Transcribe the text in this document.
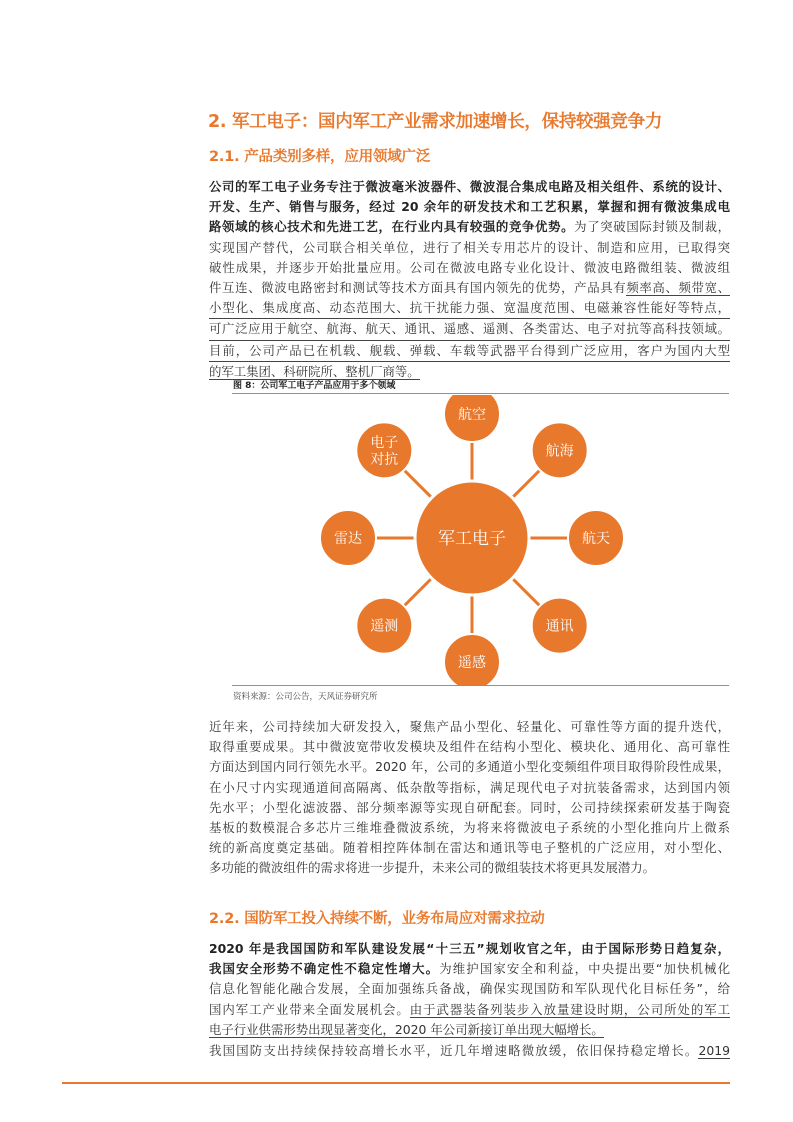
2. 军工电子：国内军工产业需求加速增长，保持较强竞争力
2.1. 产品类别多样，应用领域广泛
公司的军工电子业务专注于微波毫米波器件、微波混合集成电路及相关组件、系统的设计、
开发、生产、销售与服务，经过 20 余年的研发技术和工艺积累，掌握和拥有微波集成电
路领域的核心技术和先进工艺，在行业内具有较强的竞争优势。为了突破国际封锁及制裁，
实现国产替代，公司联合相关单位，进行了相关专用芯片的设计、制造和应用，已取得突
破性成果，并逐步开始批量应用。公司在微波电路专业化设计、微波电路微组装、微波组
件互连、微波电路密封和测试等技术方面具有国内领先的优势，产品具有频率高、频带宽、
小型化、集成度高、动态范围大、抗干扰能力强、宽温度范围、电磁兼容性能好等特点，
可广泛应用于航空、航海、航天、通讯、遥感、遥测、各类雷达、电子对抗等高科技领域。
目前，公司产品已在机载、舰载、弹载、车载等武器平台得到广泛应用，客户为国内大型
的军工集团、科研院所、整机厂商等。
图 8：公司军工电子产品应用于多个领域
航空
航海
航天
通讯
遥感
遥测
雷达
电子
对抗
军工电子
资料来源：公司公告，天风证券研究所
近年来，公司持续加大研发投入，聚焦产品小型化、轻量化、可靠性等方面的提升迭代，
取得重要成果。其中微波宽带收发模块及组件在结构小型化、模块化、通用化、高可靠性
方面达到国内同行领先水平。2020 年，公司的多通道小型化变频组件项目取得阶段性成果，
在小尺寸内实现通道间高隔离、低杂散等指标，满足现代电子对抗装备需求，达到国内领
先水平；小型化滤波器、部分频率源等实现自研配套。同时，公司持续探索研发基于陶瓷
基板的数模混合多芯片三维堆叠微波系统，为将来将微波电子系统的小型化推向片上微系
统的新高度奠定基础。随着相控阵体制在雷达和通讯等电子整机的广泛应用，对小型化、
多功能的微波组件的需求将进一步提升，未来公司的微组装技术将更具发展潜力。
2.2. 国防军工投入持续不断，业务布局应对需求拉动
2020 年是我国国防和军队建设发展“十三五”规划收官之年，由于国际形势日趋复杂，
我国安全形势不确定性不稳定性增大。为维护国家安全和利益，中央提出要“加快机械化
信息化智能化融合发展，全面加强练兵备战，确保实现国防和军队现代化目标任务”，给
国内军工产业带来全面发展机会。由于武器装备列装步入放量建设时期，公司所处的军工
电子行业供需形势出现显著变化，2020 年公司新接订单出现大幅增长。
我国国防支出持续保持较高增长水平，近几年增速略微放缓，依旧保持稳定增长。2019
